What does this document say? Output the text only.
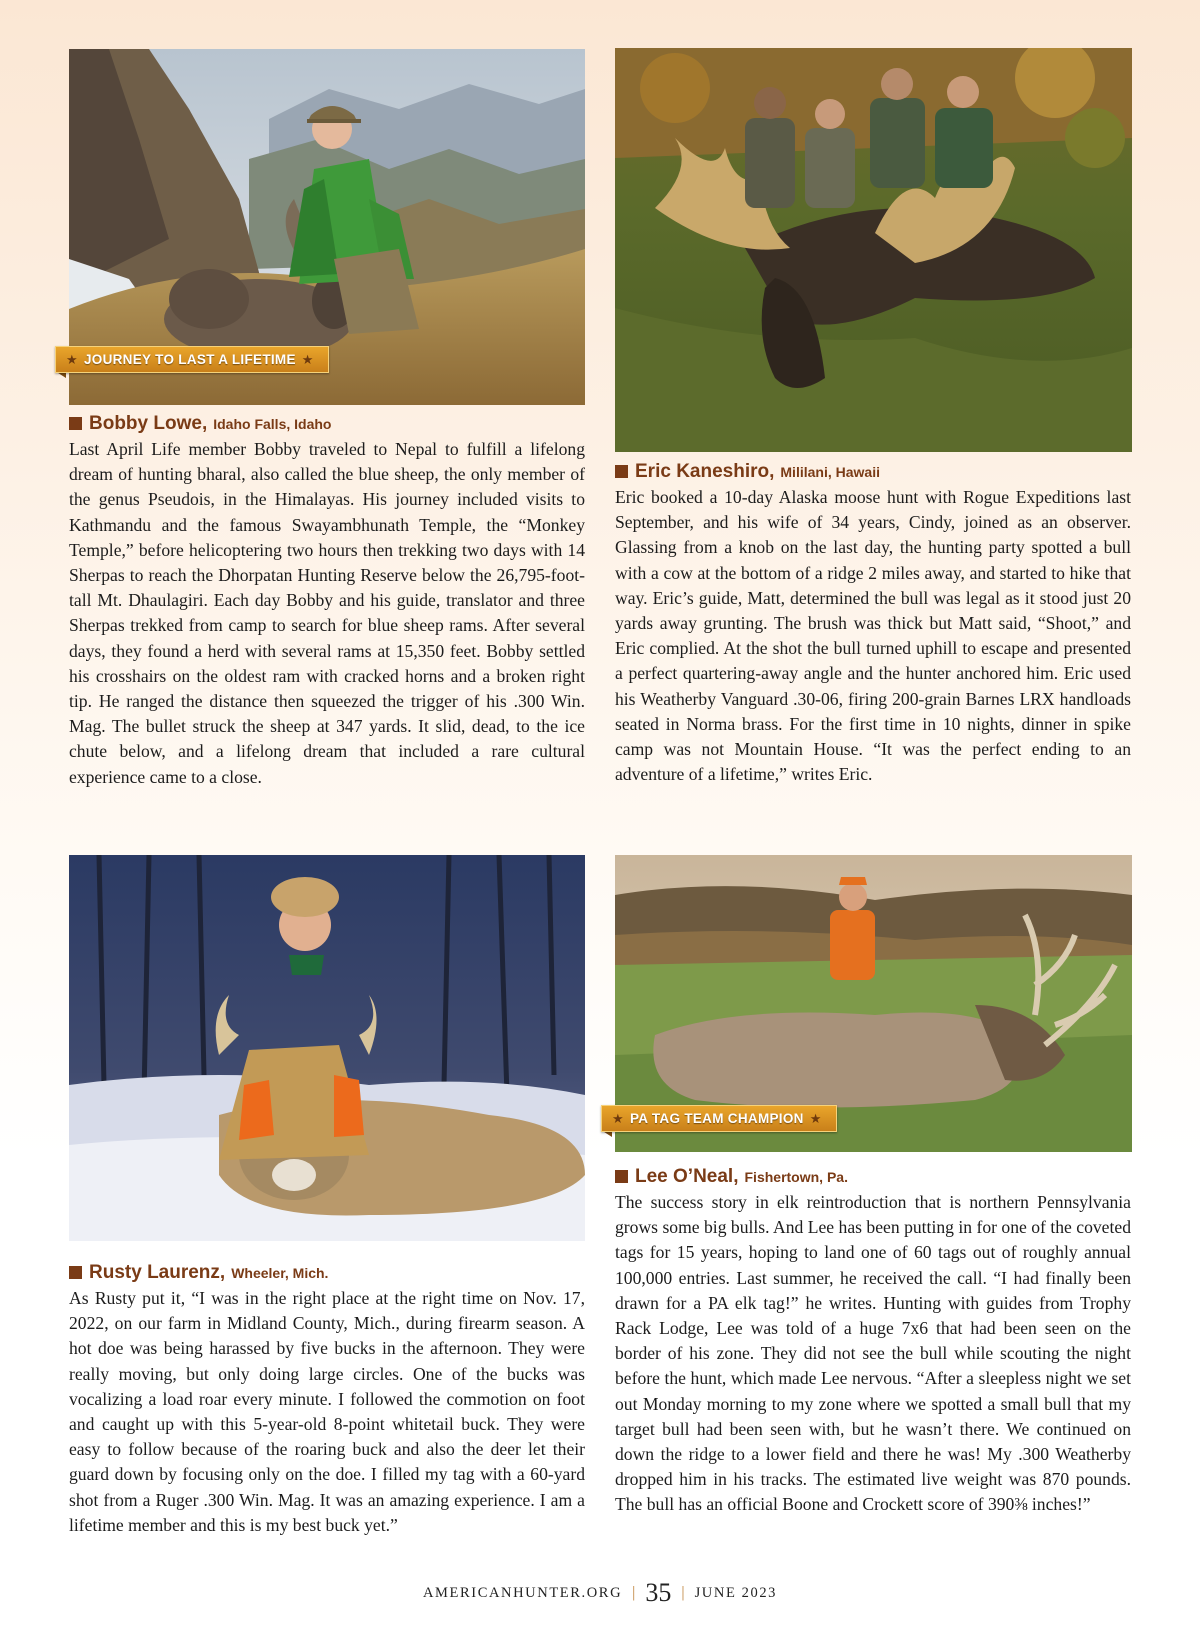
★ JOURNEY TO LAST A LIFETIME ★

Bobby Lowe, Idaho Falls, Idaho

Last April Life member Bobby traveled to Nepal to fulfill a lifelong dream of hunting bharal, also called the blue sheep, the only member of the genus Pseudois, in the Himalayas. His journey included visits to Kathmandu and the famous Swayambhunath Temple, the “Monkey Temple,” before helicoptering two hours then trekking two days with 14 Sherpas to reach the Dhorpatan Hunting Reserve below the 26,795-foot-tall Mt. Dhaulagiri. Each day Bobby and his guide, translator and three Sherpas trekked from camp to search for blue sheep rams. After several days, they found a herd with several rams at 15,350 feet. Bobby settled his crosshairs on the oldest ram with cracked horns and a broken right tip. He ranged the distance then squeezed the trigger of his .300 Win. Mag. The bullet struck the sheep at 347 yards. It slid, dead, to the ice chute below, and a lifelong dream that included a rare cultural experience came to a close.

Eric Kaneshiro, Mililani, Hawaii

Eric booked a 10-day Alaska moose hunt with Rogue Expeditions last September, and his wife of 34 years, Cindy, joined as an observer. Glassing from a knob on the last day, the hunting party spotted a bull with a cow at the bottom of a ridge 2 miles away, and started to hike that way. Eric’s guide, Matt, determined the bull was legal as it stood just 20 yards away grunting. The brush was thick but Matt said, “Shoot,” and Eric complied. At the shot the bull turned uphill to escape and presented a perfect quartering-away angle and the hunter anchored him. Eric used his Weatherby Vanguard .30-06, firing 200-grain Barnes LRX handloads seated in Norma brass. For the first time in 10 nights, dinner in spike camp was not Mountain House. “It was the perfect ending to an adventure of a lifetime,” writes Eric.

Rusty Laurenz, Wheeler, Mich.

As Rusty put it, “I was in the right place at the right time on Nov. 17, 2022, on our farm in Midland County, Mich., during firearm season. A hot doe was being harassed by five bucks in the afternoon. They were really moving, but only doing large circles. One of the bucks was vocalizing a load roar every minute. I followed the commotion on foot and caught up with this 5-year-old 8-point whitetail buck. They were easy to follow because of the roaring buck and also the deer let their guard down by focusing only on the doe. I filled my tag with a 60-yard shot from a Ruger .300 Win. Mag. It was an amazing experience. I am a lifetime member and this is my best buck yet.”

★ PA TAG TEAM CHAMPION ★

Lee O’Neal, Fishertown, Pa.

The success story in elk reintroduction that is northern Pennsylvania grows some big bulls. And Lee has been putting in for one of the coveted tags for 15 years, hoping to land one of 60 tags out of roughly annual 100,000 entries. Last summer, he received the call. “I had finally been drawn for a PA elk tag!” he writes. Hunting with guides from Trophy Rack Lodge, Lee was told of a huge 7x6 that had been seen on the border of his zone. They did not see the bull while scouting the night before the hunt, which made Lee nervous. “After a sleepless night we set out Monday morning to my zone where we spotted a small bull that my target bull had been seen with, but he wasn’t there. We continued on down the ridge to a lower field and there he was! My .300 Weatherby dropped him in his tracks. The estimated live weight was 870 pounds. The bull has an official Boone and Crockett score of 390⅜ inches!”

AMERICANHUNTER.ORG | 35 | JUNE 2023
